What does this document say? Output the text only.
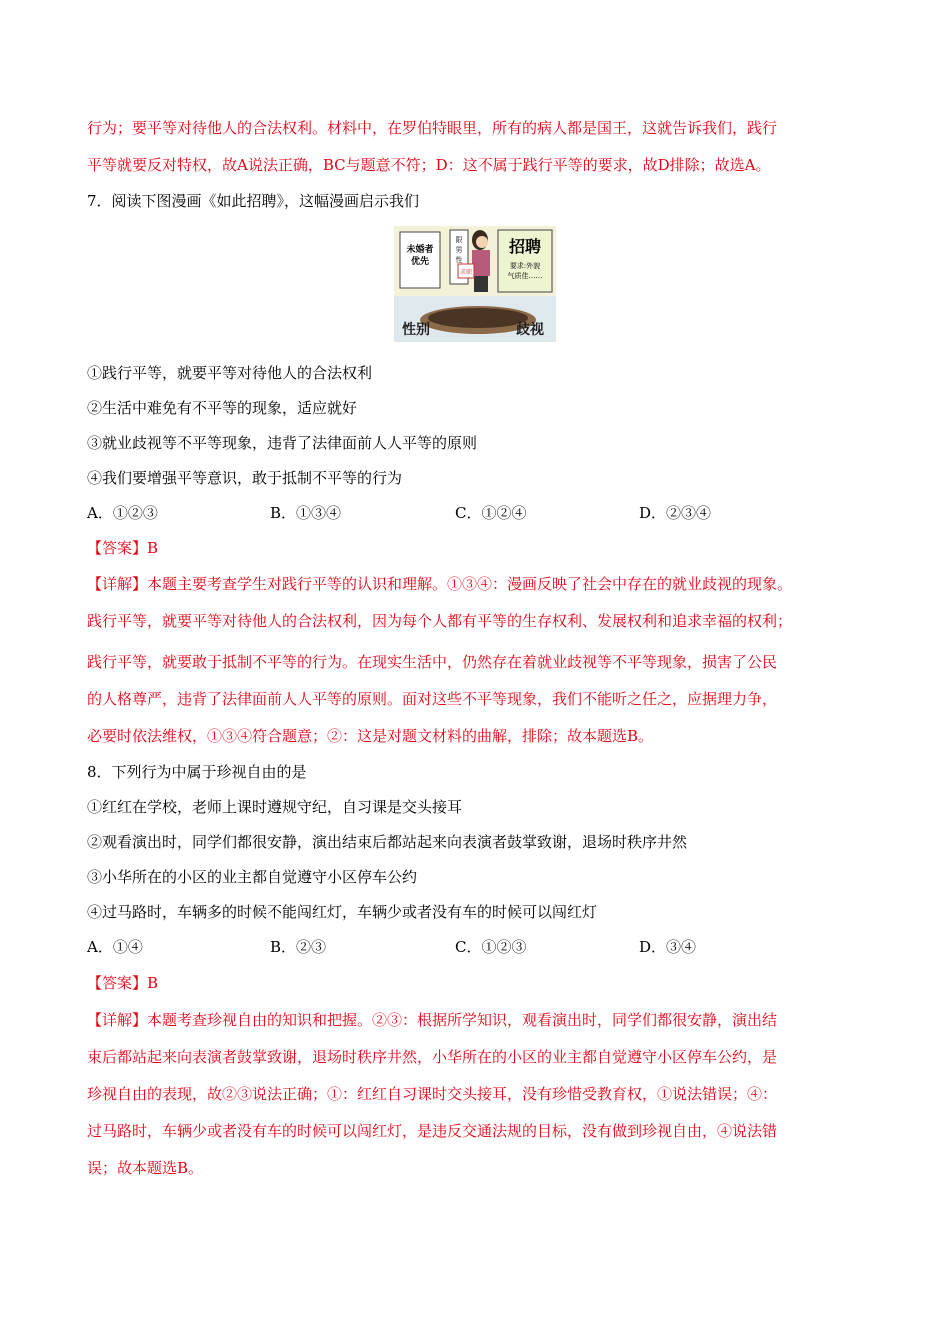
行为；要平等对待他人的合法权利。材料中，在罗伯特眼里，所有的病人都是国王，这就告诉我们，践行
平等就要反对特权，故A说法正确，BC与题意不符；D：这不属于践行平等的要求，故D排除；故选A。
7．阅读下图漫画《如此招聘》，这幅漫画启示我们
未婚者
优先
限
男
性
招聘
要求:外貌
气质佳……
求职
性别	歧视
①践行平等，就要平等对待他人的合法权利
②生活中难免有不平等的现象，适应就好
③就业歧视等不平等现象，违背了法律面前人人平等的原则
④我们要增强平等意识，敢于抵制不平等的行为
A．①②③	B．①③④	C．①②④	D．②③④
【答案】B
【详解】本题主要考查学生对践行平等的认识和理解。①③④：漫画反映了社会中存在的就业歧视的现象。
践行平等，就要平等对待他人的合法权利，因为每个人都有平等的生存权利、发展权利和追求幸福的权利；
践行平等，就要敢于抵制不平等的行为。在现实生活中，仍然存在着就业歧视等不平等现象，损害了公民
的人格尊严，违背了法律面前人人平等的原则。面对这些不平等现象，我们不能听之任之，应据理力争，
必要时依法维权，①③④符合题意；②：这是对题文材料的曲解，排除；故本题选B。
8．下列行为中属于珍视自由的是
①红红在学校，老师上课时遵规守纪，自习课是交头接耳
②观看演出时，同学们都很安静，演出结束后都站起来向表演者鼓掌致谢，退场时秩序井然
③小华所在的小区的业主都自觉遵守小区停车公约
④过马路时，车辆多的时候不能闯红灯，车辆少或者没有车的时候可以闯红灯
A．①④	B．②③	C．①②③	D．③④
【答案】B
【详解】本题考查珍视自由的知识和把握。②③：根据所学知识，观看演出时，同学们都很安静，演出结
束后都站起来向表演者鼓掌致谢，退场时秩序井然，小华所在的小区的业主都自觉遵守小区停车公约，是
珍视自由的表现，故②③说法正确；①：红红自习课时交头接耳，没有珍惜受教育权，①说法错误；④：
过马路时，车辆少或者没有车的时候可以闯红灯，是违反交通法规的目标，没有做到珍视自由，④说法错
误；故本题选B。
